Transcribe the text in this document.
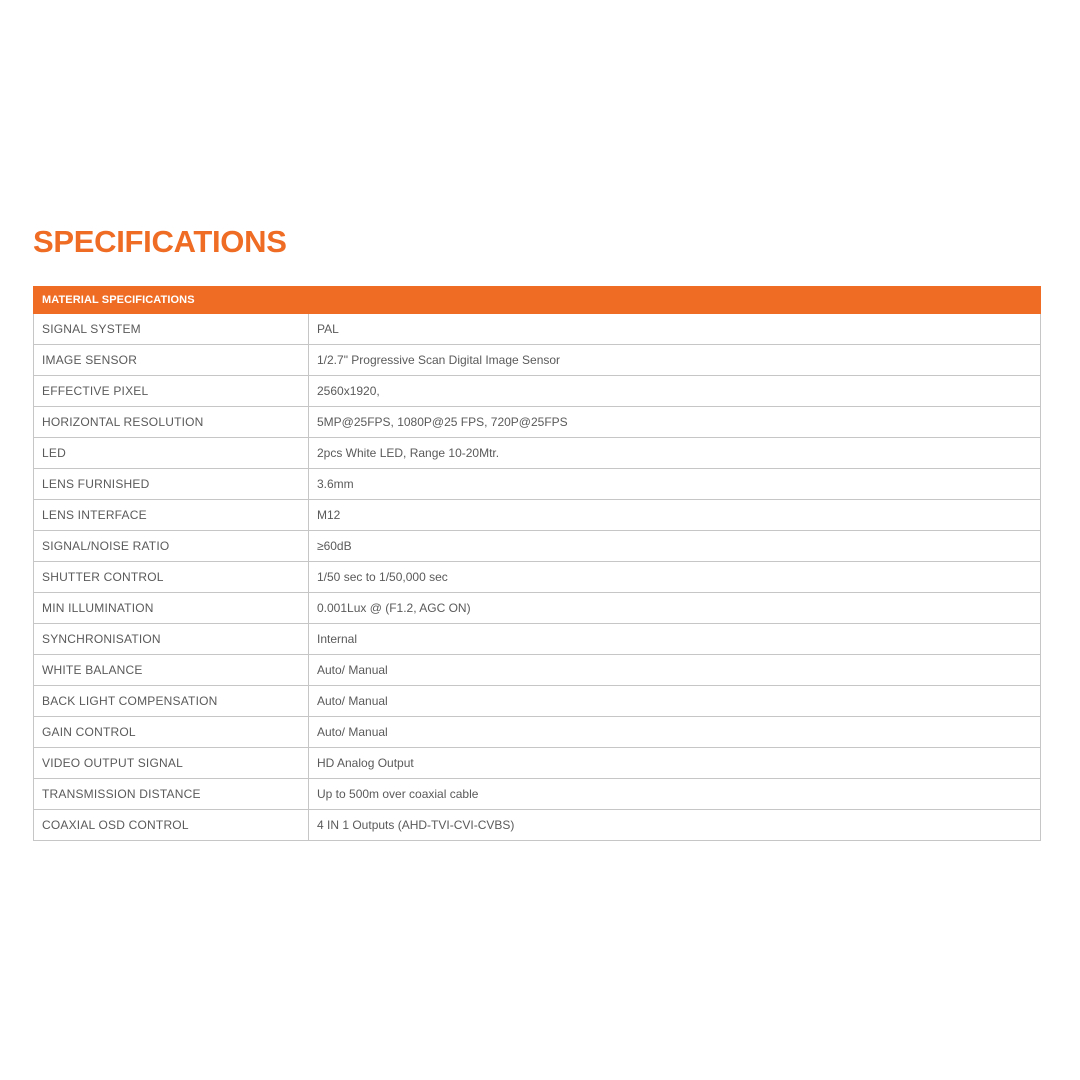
SPECIFICATIONS
MATERIAL SPECIFICATIONS	
SIGNAL SYSTEM	PAL
IMAGE SENSOR	1/2.7" Progressive Scan Digital Image Sensor
EFFECTIVE PIXEL	2560x1920,
HORIZONTAL RESOLUTION	5MP@25FPS, 1080P@25 FPS, 720P@25FPS
LED	2pcs White LED, Range 10-20Mtr.
LENS FURNISHED	3.6mm
LENS INTERFACE	M12
SIGNAL/NOISE RATIO	≥60dB
SHUTTER CONTROL	1/50 sec to 1/50,000 sec
MIN ILLUMINATION	0.001Lux @ (F1.2, AGC ON)
SYNCHRONISATION	Internal
WHITE BALANCE	Auto/ Manual
BACK LIGHT COMPENSATION	Auto/ Manual
GAIN CONTROL	Auto/ Manual
VIDEO OUTPUT SIGNAL	HD Analog Output
TRANSMISSION DISTANCE	Up to 500m over coaxial cable
COAXIAL OSD CONTROL	4 IN 1 Outputs (AHD-TVI-CVI-CVBS)
